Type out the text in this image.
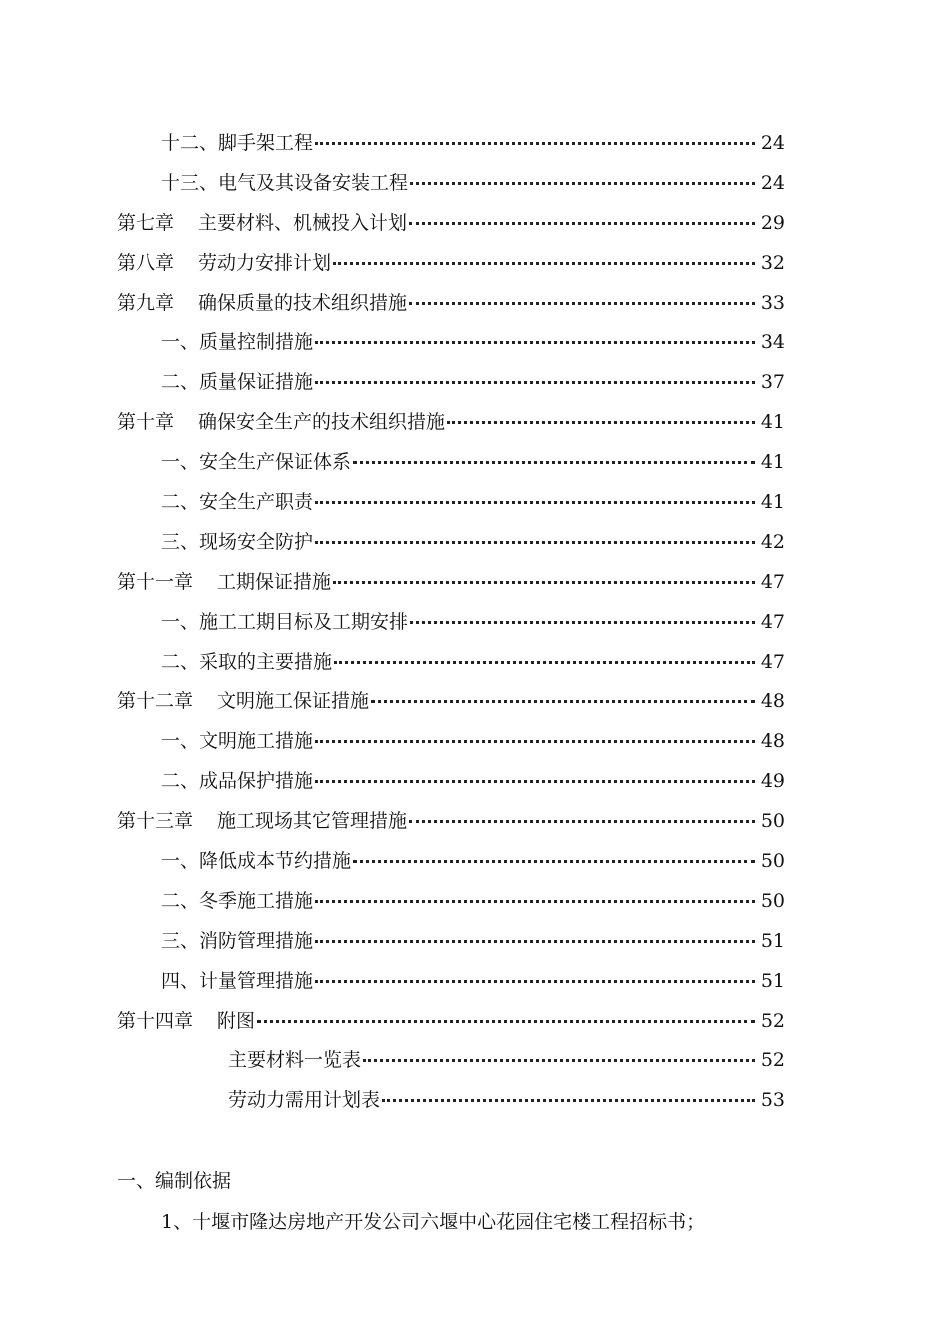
十二、脚手架工程	24
十三、电气及其设备安装工程	24
第七章 主要材料、机械投入计划	29
第八章 劳动力安排计划	32
第九章 确保质量的技术组织措施	33
一、质量控制措施	34
二、质量保证措施	37
第十章 确保安全生产的技术组织措施	41
一、安全生产保证体系	41
二、安全生产职责	41
三、现场安全防护	42
第十一章 工期保证措施	47
一、施工工期目标及工期安排	47
二、采取的主要措施	47
第十二章 文明施工保证措施	48
一、文明施工措施	48
二、成品保护措施	49
第十三章 施工现场其它管理措施	50
一、降低成本节约措施	50
二、冬季施工措施	50
三、消防管理措施	51
四、计量管理措施	51
第十四章 附图	52
主要材料一览表	52
劳动力需用计划表	53
一、编制依据
1、十堰市隆达房地产开发公司六堰中心花园住宅楼工程招标书；
